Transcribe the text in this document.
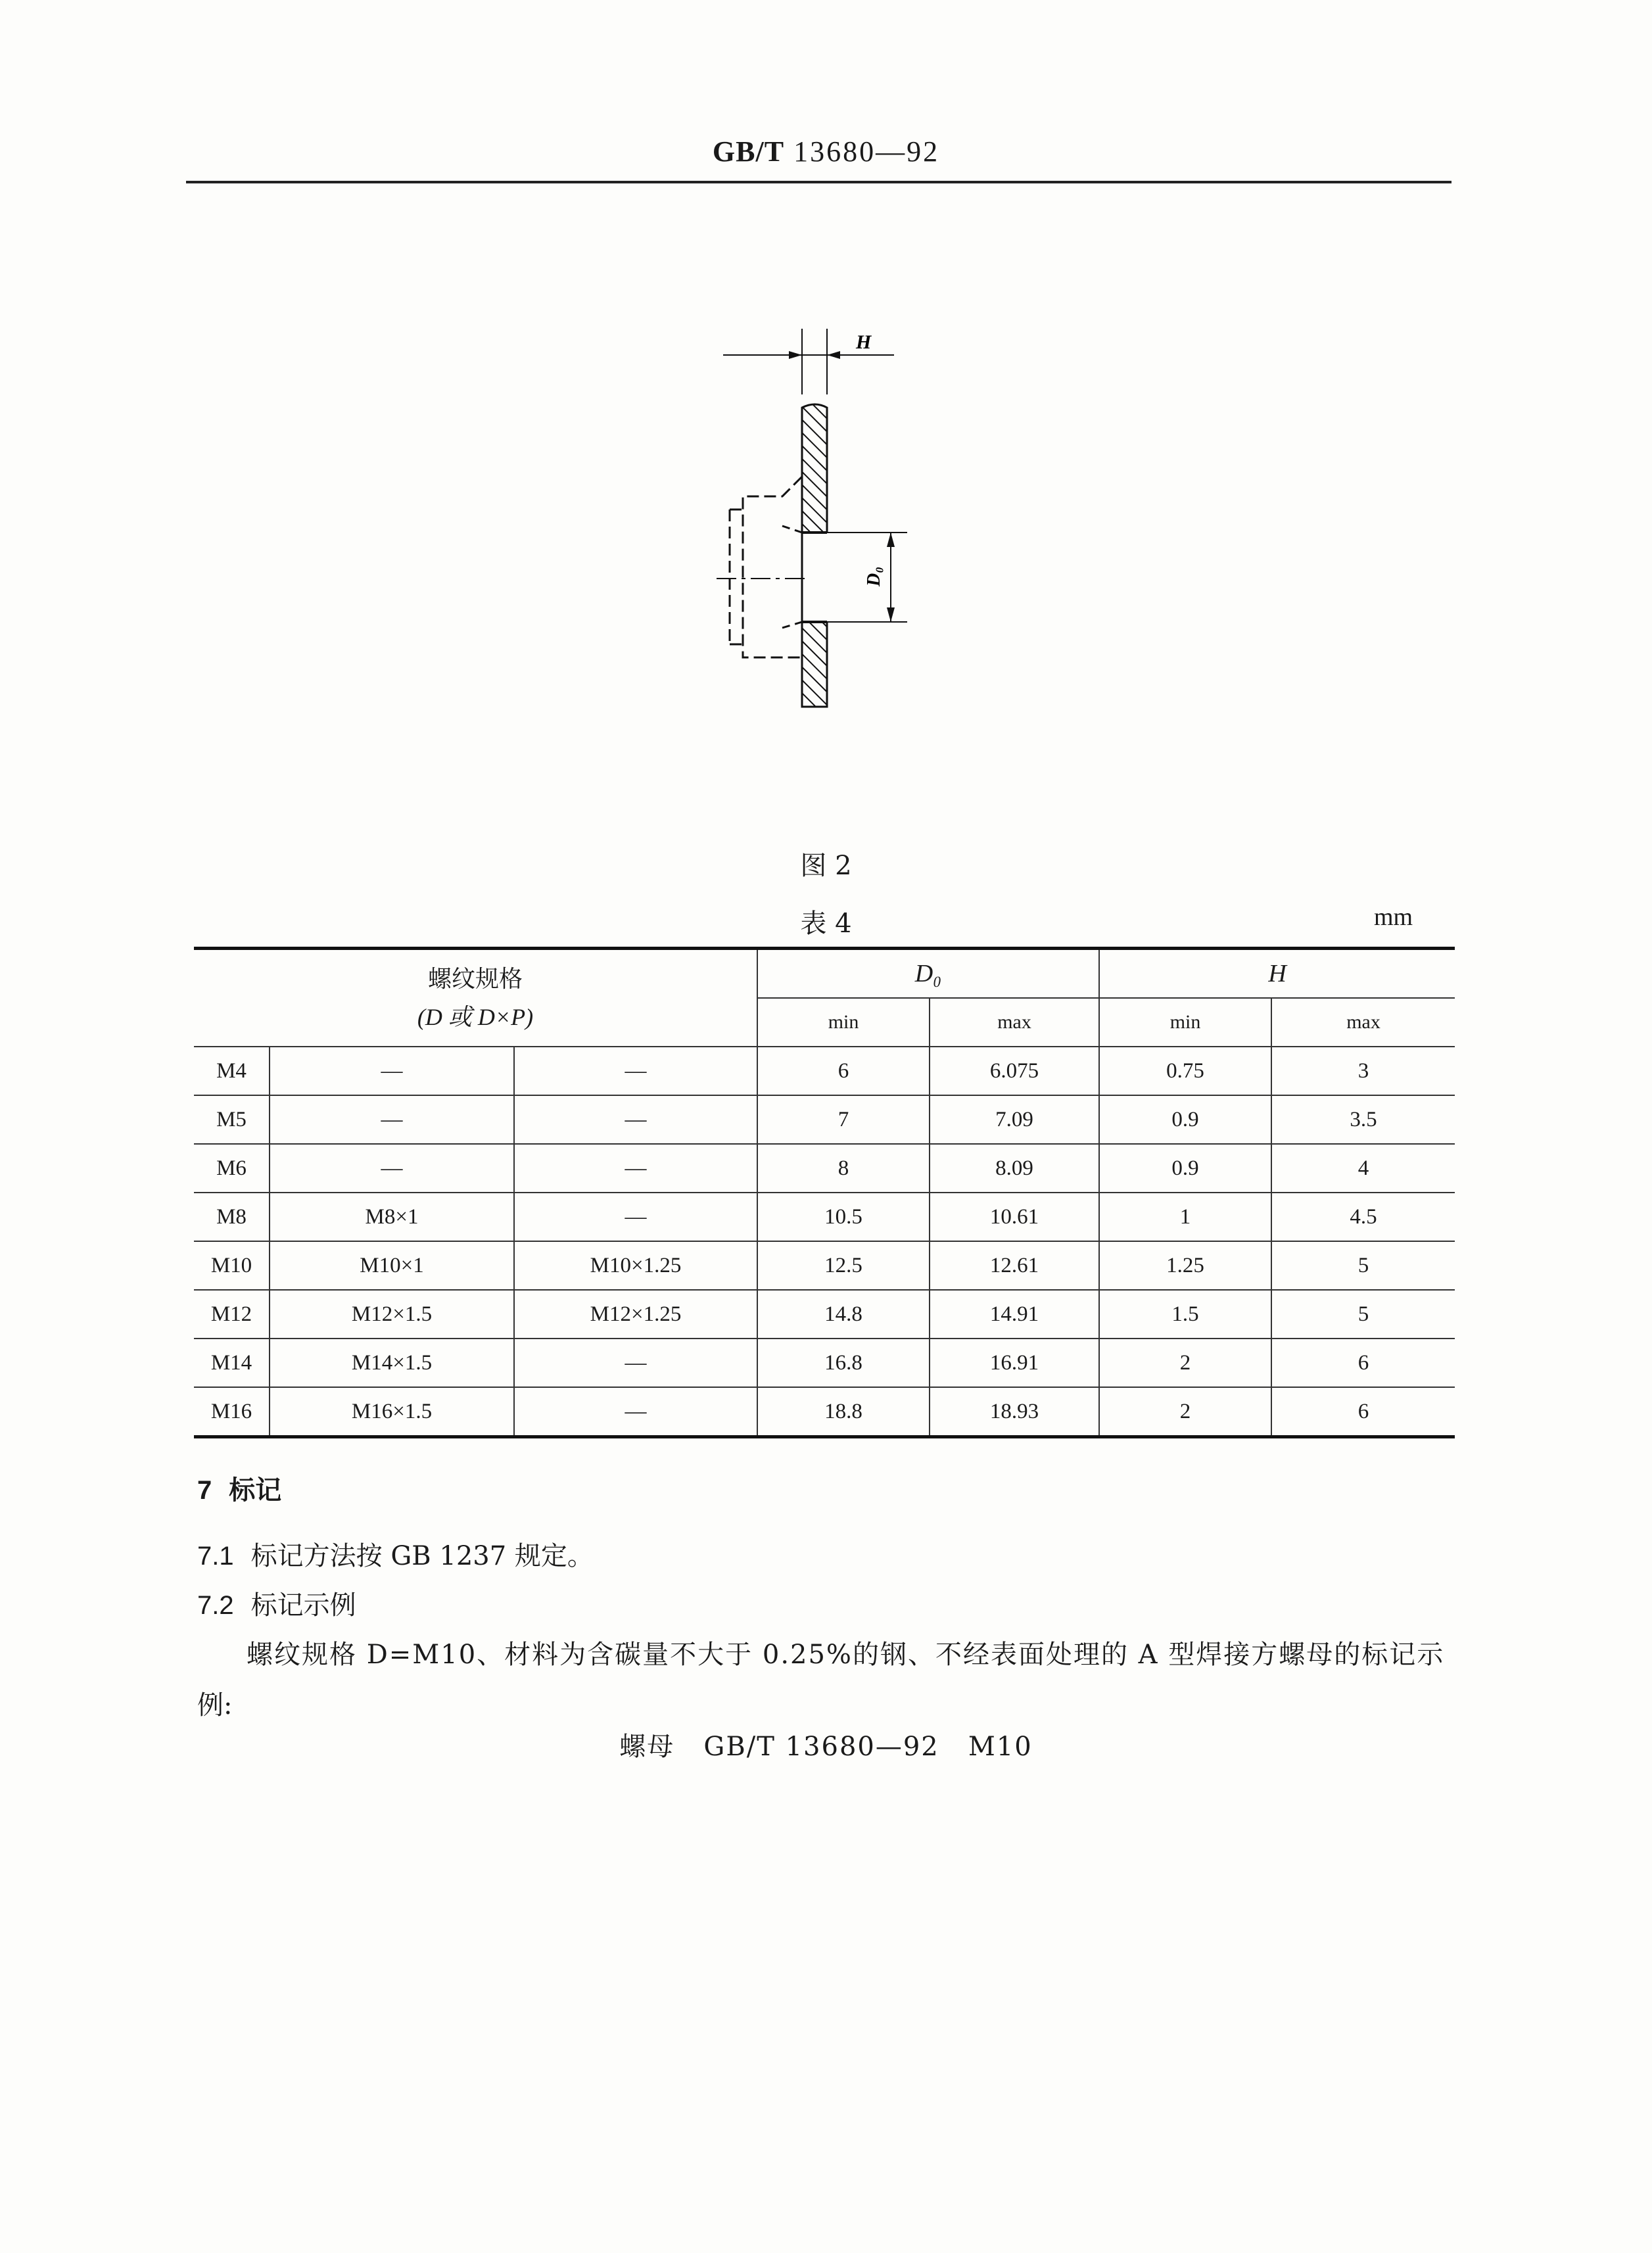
GB/T 13680—92
H
D₀
图 2
表 4	mm
螺纹规格
(D 或 D×P)			D₀		H	
			min	max	min	max
M4	—	—	6	6.075	0.75	3
M5	—	—	7	7.09	0.9	3.5
M6	—	—	8	8.09	0.9	4
M8	M8×1	—	10.5	10.61	1	4.5
M10	M10×1	M10×1.25	12.5	12.61	1.25	5
M12	M12×1.5	M12×1.25	14.8	14.91	1.5	5
M14	M14×1.5	—	16.8	16.91	2	6
M16	M16×1.5	—	18.8	18.93	2	6
7 标记
7.1 标记方法按 GB 1237 规定。
7.2 标记示例
螺纹规格 D=M10、材料为含碳量不大于 0.25%的钢、不经表面处理的 A 型焊接方螺母的标记示
例:
螺母   GB/T 13680—92   M10
